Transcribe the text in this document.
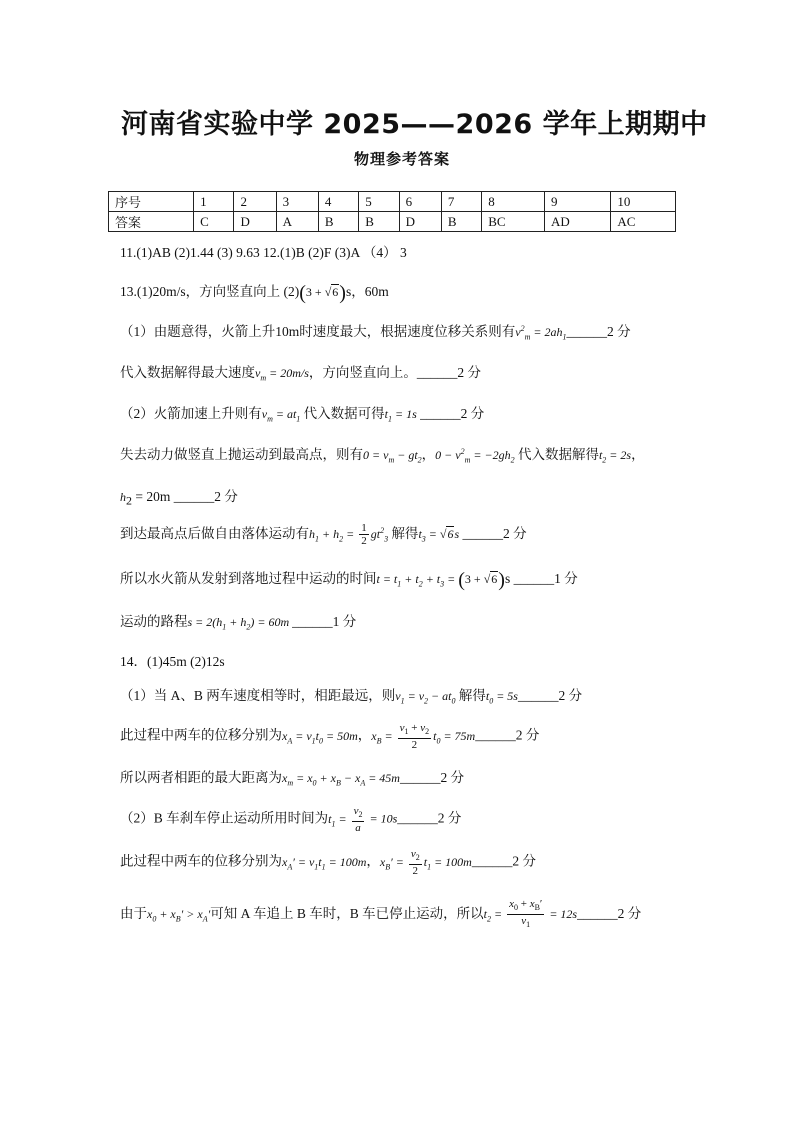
河南省实验中学 2025——2026 学年上期期中
物理参考答案
序号	1	2	3	4	5	6	7	8	9	10
答案	C	D	A	B	B	D	B	BC	AD	AC
11.(1)AB (2)1.44 (3) 9.63 12.(1)B (2)F (3)A （4） 3
13.(1)20m/s，方向竖直向上 (2)(3 + √6)s，60m
（1）由题意得，火箭上升10m时速度最大，根据速度位移关系则有$v^2_m$ = $2ah_1\_\_\_\_\_\_2$ 分
代入数据解得最大速度$v_m = 20m/s$，方向竖直向上。______2 分
（2）火箭加速上升则有$v_m = at_1$ 代入数据可得$t_1 = 1s$ ______2 分
失去动力做竖直上抛运动到最高点，则有$0 = v_m - gt_2$，$0 - v^2_m = -2gh_2$ 代入数据解得$t_2 = 2s$，
$h_2 = 20m$ ______2 分
到达最高点后做自由落体运动有$h_1 + h_2 = \frac{1}{2} gt^2_3$ 解得$t_3 = √6s$ ______2 分
所以水火箭从发射到落地过程中运动的时间$t = t_1 + t_2 + t_3 = (3 + √6)s$ ______1 分
运动的路程$s = 2(h_1 + h_2) = 60m$ ______1 分
14．(1)45m (2)12s
（1）当 A、B 两车速度相等时，相距最远，则$v_1 = v_2 - at_0$ 解得$t_0$ = 5s______2 分
此过程中两车的位移分别为$x_A = v_1t_0 = 50m$，$x_B = \frac{v_1 + v_2}{2} t_0$ = 75m______2 分
所以两者相距的最大距离为$x_m = x_0 + x_B - x_A$ = 45m______2 分
（2）B 车刹车停止运动所用时间为$t_1 = \frac{v_2}{a}$ = 10s______2 分
此过程中两车的位移分别为$x_A' = v_1t_1 = 100m$，$x_B' = \frac{v_2}{2} t_1$ = 100m______2 分
由于$x_0 + x_B' > x_A'$可知 A 车追上 B 车时，B 车已停止运动，所以$t_2 = \frac{x_0 + x_B'}{v_1}$ = 12s______2 分
